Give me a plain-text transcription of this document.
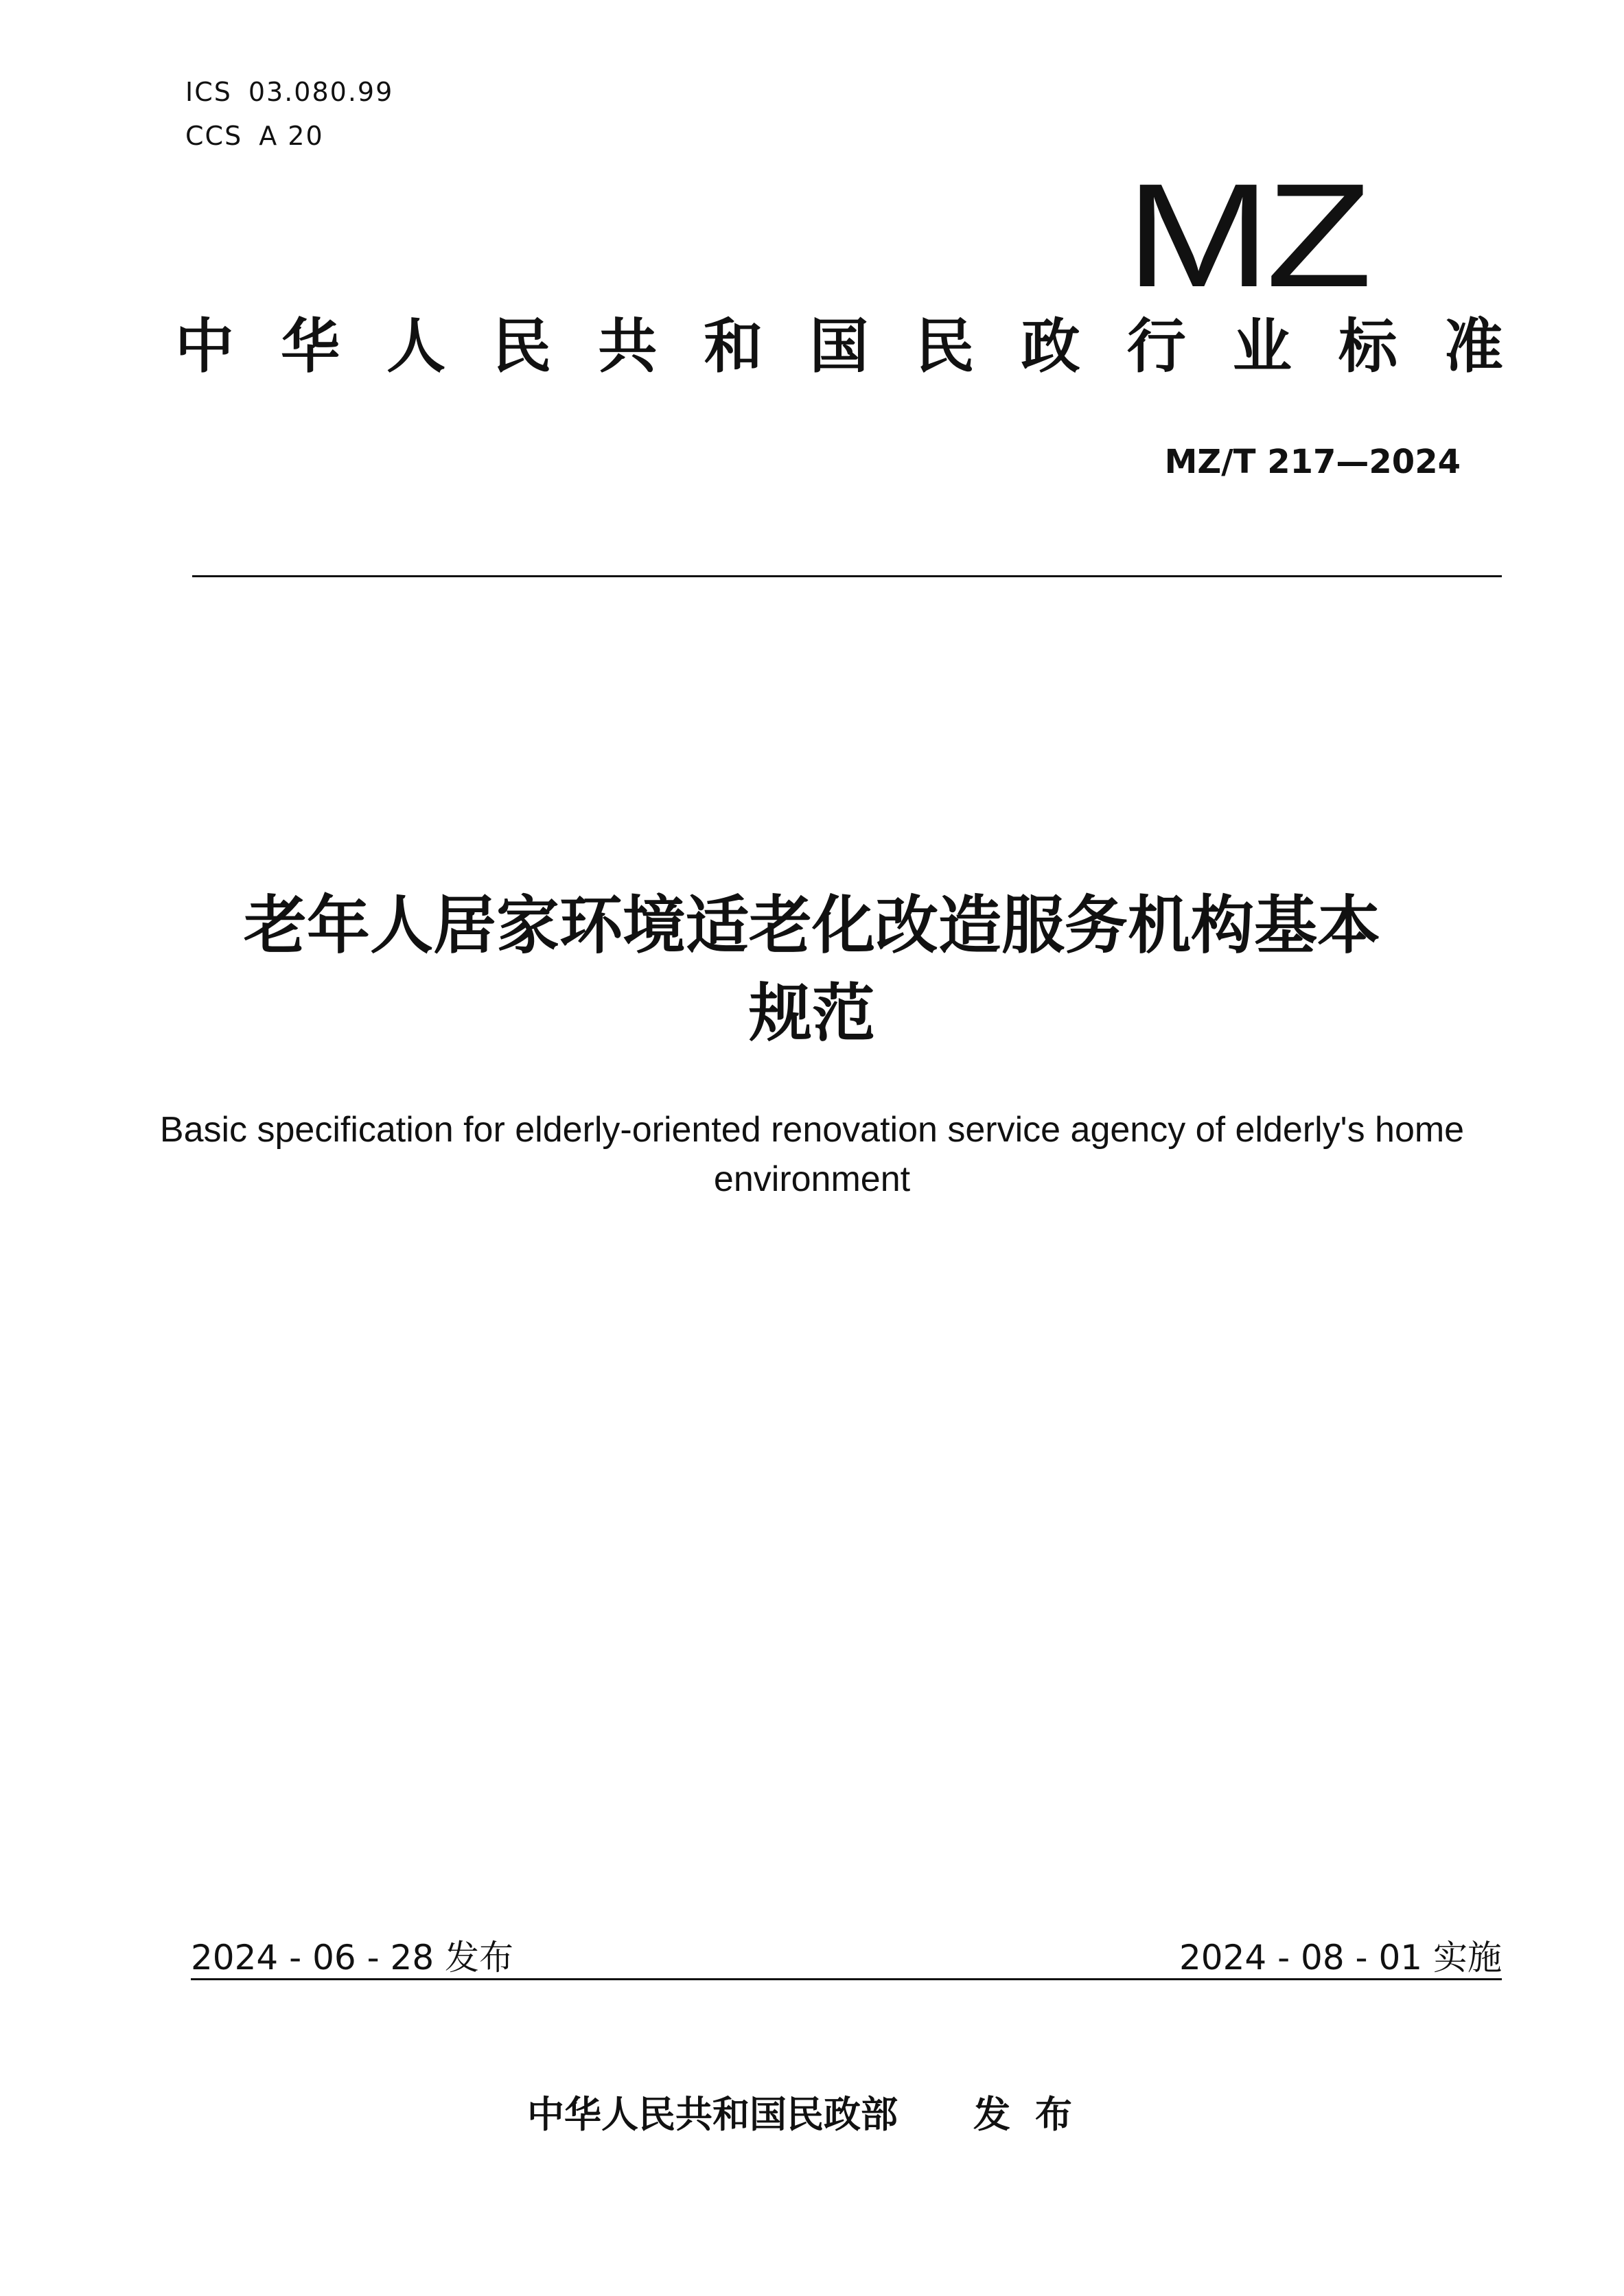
ICS 03.080.99
CCS A 20
MZ
中 华 人 民 共 和 国 民 政 行 业 标 准
MZ/T 217—2024
老年人居家环境适老化改造服务机构基本
规范
Basic specification for elderly-oriented renovation service agency of elderly's home
environment
2024 - 06 - 28 发布	2024 - 08 - 01 实施
中华人民共和国民政部 发布
